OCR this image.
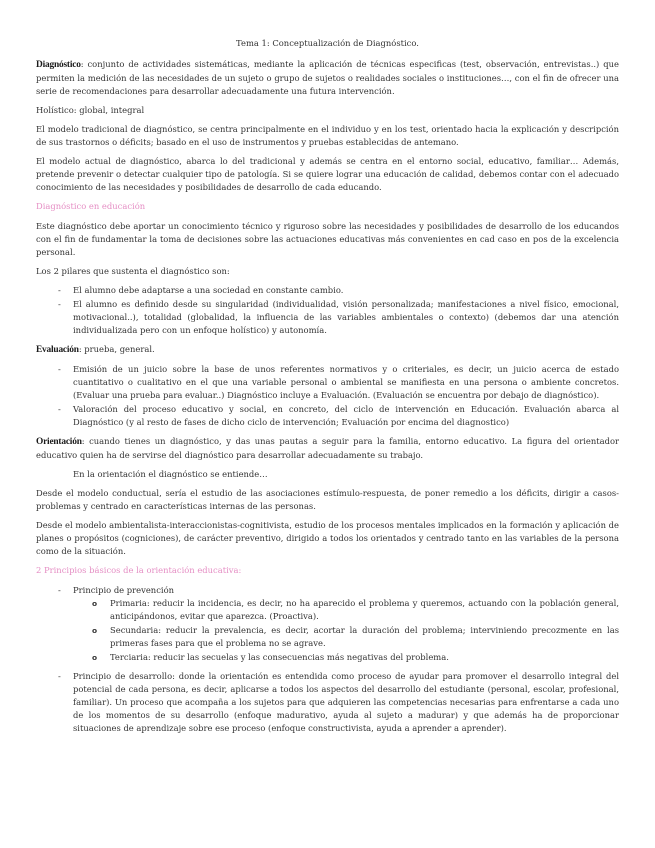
Tema 1: Conceptualización de Diagnóstico.

Diagnóstico: conjunto de actividades sistemáticas, mediante la aplicación de técnicas especificas (test, observación, entrevistas..) que permiten la medición de las necesidades de un sujeto o grupo de sujetos o realidades sociales o instituciones…, con el fin de ofrecer una serie de recomendaciones para desarrollar adecuadamente una futura intervención.

Holístico: global, integral

El modelo tradicional de diagnóstico, se centra principalmente en el individuo y en los test, orientado hacia la explicación y descripción de sus trastornos o déficits; basado en el uso de instrumentos y pruebas establecidas de antemano.

El modelo actual de diagnóstico, abarca lo del tradicional y además se centra en el entorno social, educativo, familiar… Además, pretende prevenir o detectar cualquier tipo de patología. Si se quiere lograr una educación de calidad, debemos contar con el adecuado conocimiento de las necesidades y posibilidades de desarrollo de cada educando.

Diagnóstico en educación

Este diagnóstico debe aportar un conocimiento técnico y riguroso sobre las necesidades y posibilidades de desarrollo de los educandos con el fin de fundamentar la toma de decisiones sobre las actuaciones educativas más convenientes en cad caso en pos de la excelencia personal.

Los 2 pilares que sustenta el diagnóstico son:

- El alumno debe adaptarse a una sociedad en constante cambio.
- El alumno es definido desde su singularidad (individualidad, visión personalizada; manifestaciones a nivel físico, emocional, motivacional..), totalidad (globalidad, la influencia de las variables ambientales o contexto) (debemos dar una atención individualizada pero con un enfoque holístico) y autonomía.

Evaluación: prueba, general.

- Emisión de un juicio sobre la base de unos referentes normativos y o criteriales, es decir, un juicio acerca de estado cuantitativo o cualitativo en el que una variable personal o ambiental se manifiesta en una persona o ambiente concretos. (Evaluar una prueba para evaluar..) Diagnóstico incluye a Evaluación. (Evaluación se encuentra por debajo de diagnóstico).
- Valoración del proceso educativo y social, en concreto, del ciclo de intervención en Educación. Evaluación abarca al Diagnóstico (y al resto de fases de dicho ciclo de intervención; Evaluación por encima del diagnostico)

Orientación: cuando tienes un diagnóstico, y das unas pautas a seguir para la familia, entorno educativo. La figura del orientador educativo quien ha de servirse del diagnóstico para desarrollar adecuadamente su trabajo.

En la orientación el diagnóstico se entiende…

Desde el modelo conductual, sería el estudio de las asociaciones estímulo-respuesta, de poner remedio a los déficits, dirigir a casos-problemas y centrado en características internas de las personas.

Desde el modelo ambientalista-interaccionistas-cognitivista, estudio de los procesos mentales implicados en la formación y aplicación de planes o propósitos (cogniciones), de carácter preventivo, dirigido a todos los orientados y centrado tanto en las variables de la persona como de la situación.

2 Principios básicos de la orientación educativa:

- Principio de prevención
o Primaria: reducir la incidencia, es decir, no ha aparecido el problema y queremos, actuando con la población general, anticipándonos, evitar que aparezca. (Proactiva).
o Secundaria: reducir la prevalencia, es decir, acortar la duración del problema; interviniendo precozmente en las primeras fases para que el problema no se agrave.
o Terciaria: reducir las secuelas y las consecuencias más negativas del problema.
- Principio de desarrollo: donde la orientación es entendida como proceso de ayudar para promover el desarrollo integral del potencial de cada persona, es decir, aplicarse a todos los aspectos del desarrollo del estudiante (personal, escolar, profesional, familiar). Un proceso que acompaña a los sujetos para que adquieren las competencias necesarias para enfrentarse a cada uno de los momentos de su desarrollo (enfoque madurativo, ayuda al sujeto a madurar) y que además ha de proporcionar situaciones de aprendizaje sobre ese proceso (enfoque constructivista, ayuda a aprender a aprender).
